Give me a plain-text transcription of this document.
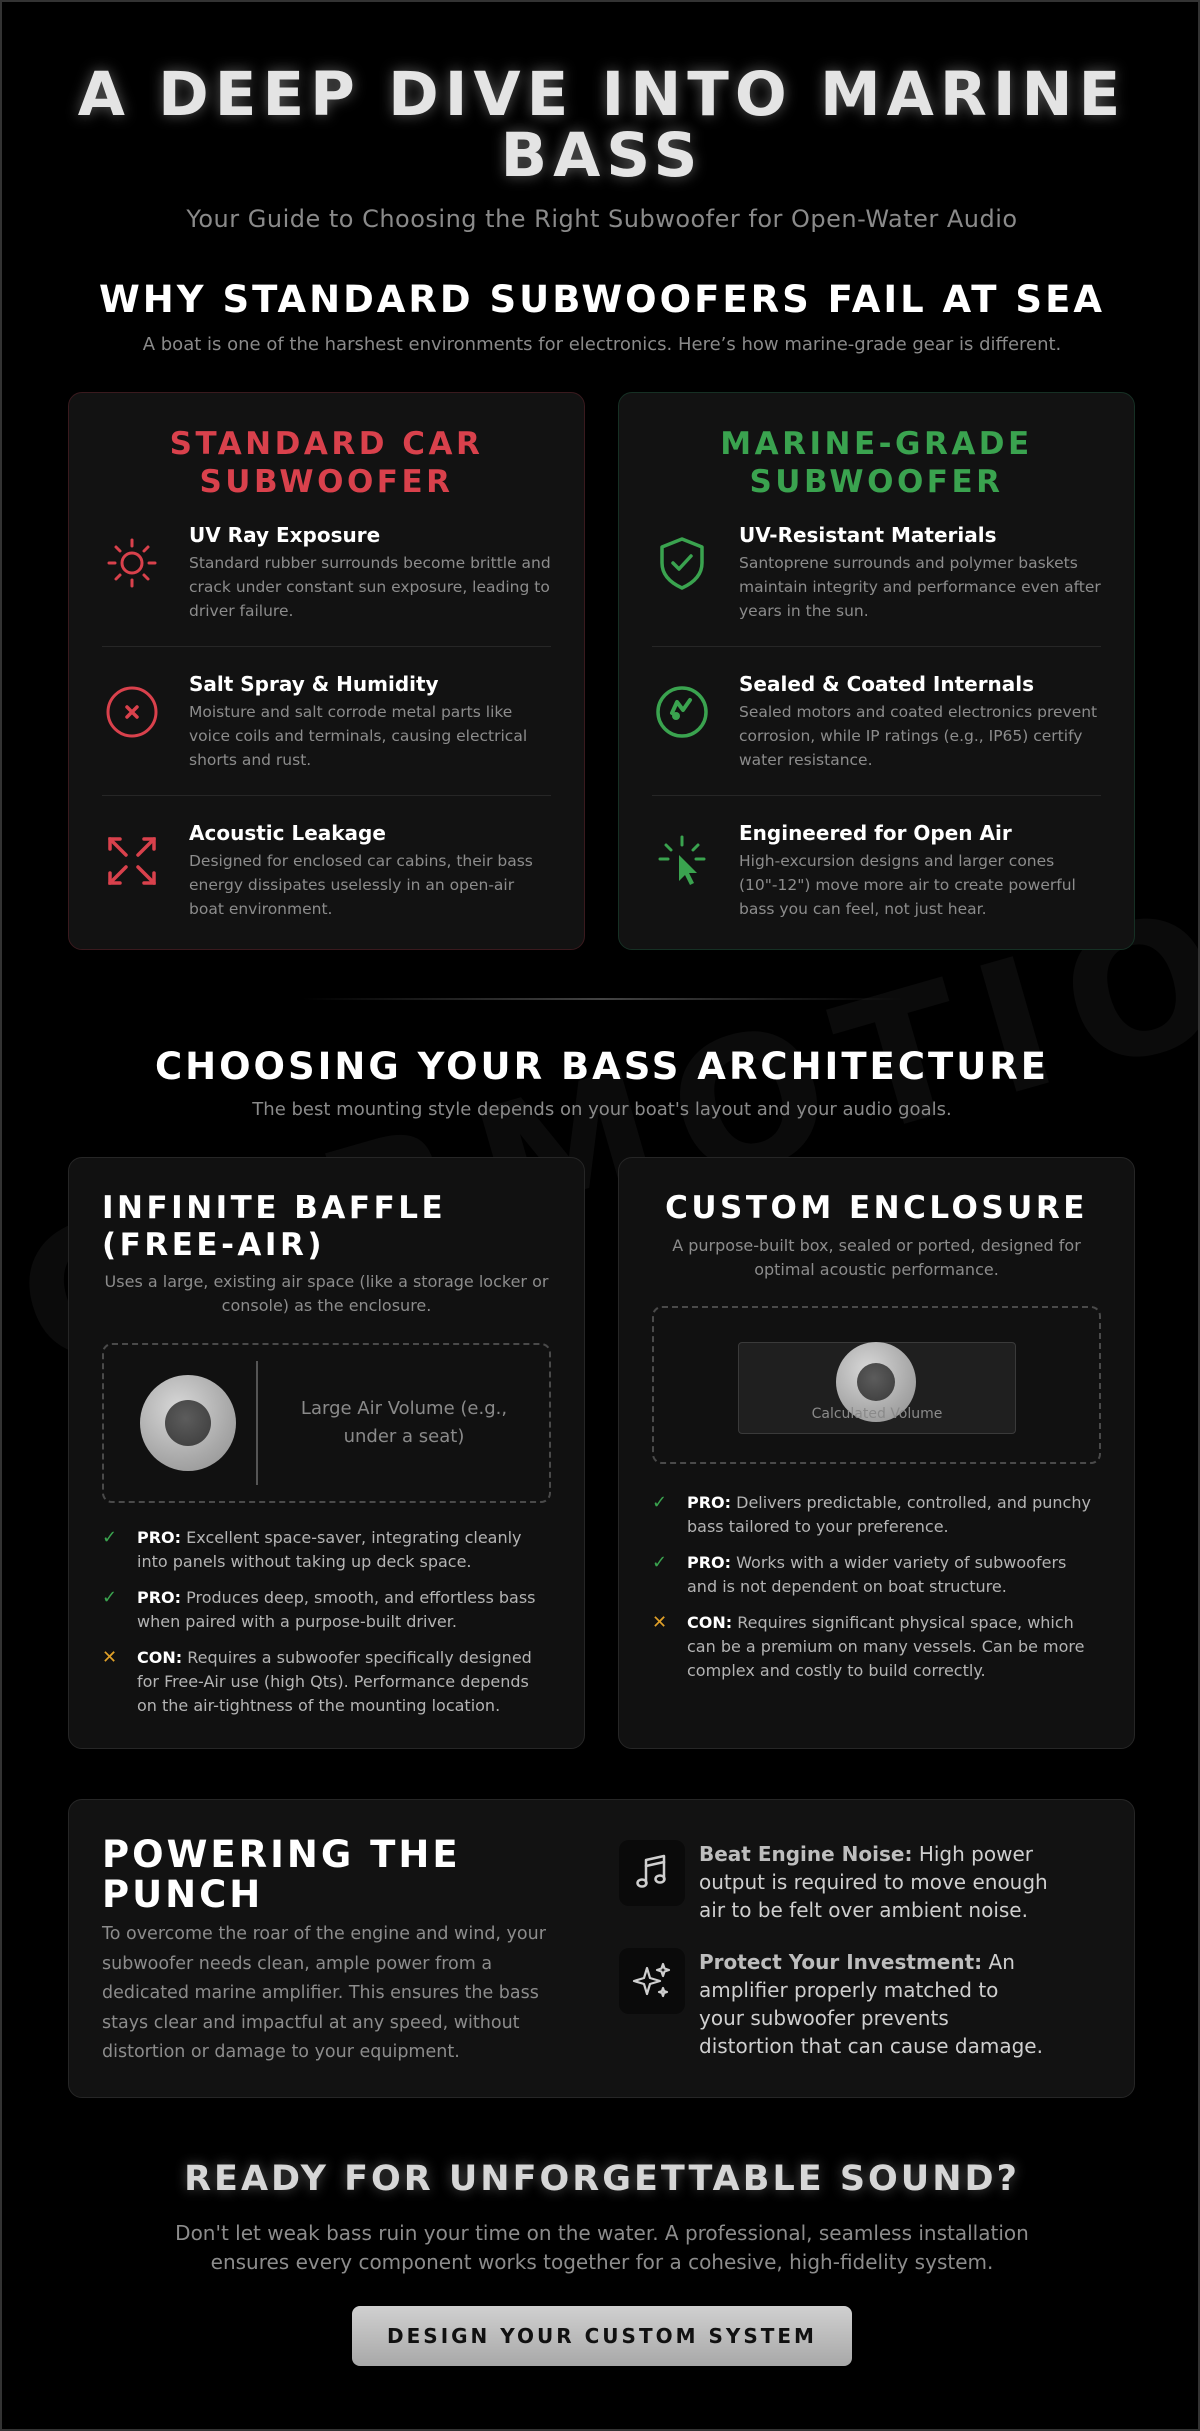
A DEEP DIVE INTO MARINE BASS
Your Guide to Choosing the Right Subwoofer for Open-Water Audio
WHY STANDARD SUBWOOFERS FAIL AT SEA
A boat is one of the harshest environments for electronics. Here’s how marine-grade gear is different.
STANDARD CAR SUBWOOFER
UV Ray Exposure
Standard rubber surrounds become brittle and crack under constant sun exposure, leading to driver failure.
Salt Spray & Humidity
Moisture and salt corrode metal parts like voice coils and terminals, causing electrical shorts and rust.
Acoustic Leakage
Designed for enclosed car cabins, their bass energy dissipates uselessly in an open-air boat environment.
MARINE-GRADE SUBWOOFER
UV-Resistant Materials
Santoprene surrounds and polymer baskets maintain integrity and performance even after years in the sun.
Sealed & Coated Internals
Sealed motors and coated electronics prevent corrosion, while IP ratings (e.g., IP65) certify water resistance.
Engineered for Open Air
High-excursion designs and larger cones (10"-12") move more air to create powerful bass you can feel, not just hear.
CHOOSING YOUR BASS ARCHITECTURE
The best mounting style depends on your boat's layout and your audio goals.
INFINITE BAFFLE (FREE-AIR)
Uses a large, existing air space (like a storage locker or console) as the enclosure.
Large Air Volume (e.g., under a seat)
✓	PRO: Excellent space-saver, integrating cleanly into panels without taking up deck space.
✓	PRO: Produces deep, smooth, and effortless bass when paired with a purpose-built driver.
✕	CON: Requires a subwoofer specifically designed for Free-Air use (high Qts). Performance depends on the air-tightness of the mounting location.
CUSTOM ENCLOSURE
A purpose-built box, sealed or ported, designed for optimal acoustic performance.
Calculated Volume
✓	PRO: Delivers predictable, controlled, and punchy bass tailored to your preference.
✓	PRO: Works with a wider variety of subwoofers and is not dependent on boat structure.
✕	CON: Requires significant physical space, which can be a premium on many vessels. Can be more complex and costly to build correctly.
POWERING THE PUNCH
To overcome the roar of the engine and wind, your subwoofer needs clean, ample power from a dedicated marine amplifier. This ensures the bass stays clear and impactful at any speed, without distortion or damage to your equipment.
Beat Engine Noise: High power output is required to move enough air to be felt over ambient noise.
Protect Your Investment: An amplifier properly matched to your subwoofer prevents distortion that can cause damage.
READY FOR UNFORGETTABLE SOUND?
Don't let weak bass ruin your time on the water. A professional, seamless installation ensures every component works together for a cohesive, high-fidelity system.
DESIGN YOUR CUSTOM SYSTEM
